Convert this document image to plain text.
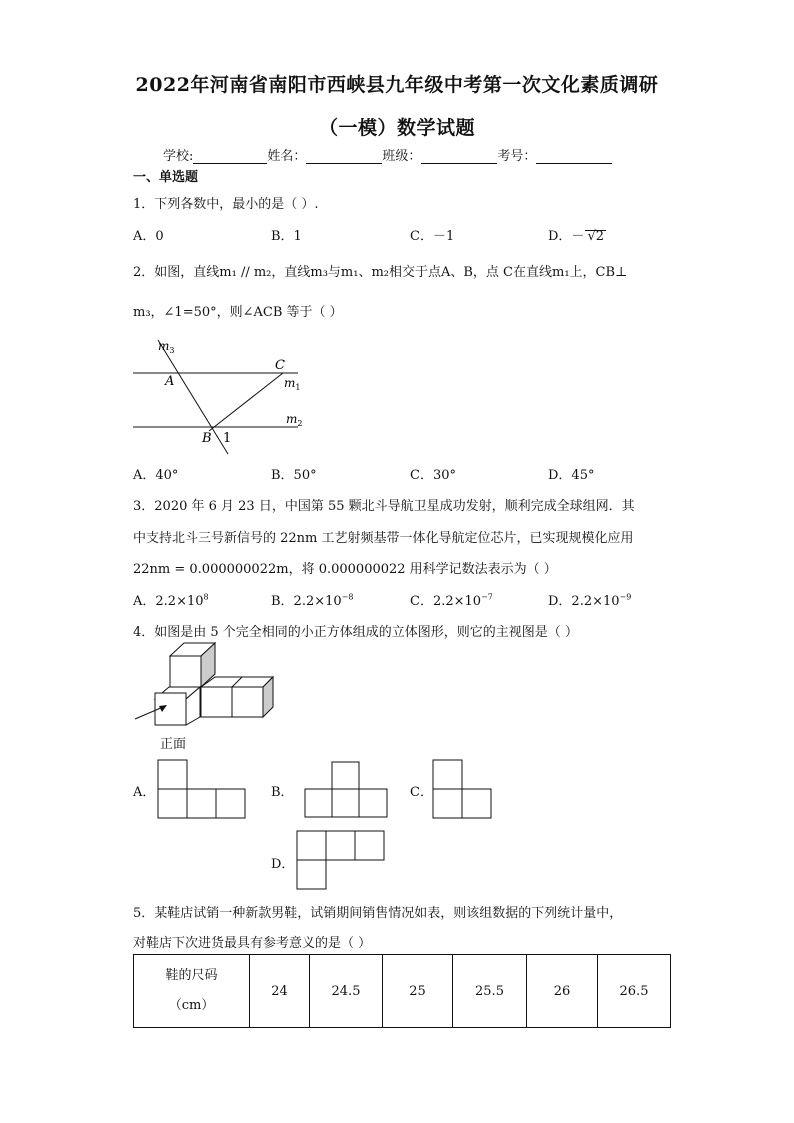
2022年河南省南阳市西峡县九年级中考第一次文化素质调研
（一模）数学试题
学校:	姓名：	班级：	考号：
一、单选题
1．下列各数中，最小的是（ ）.
A．0	B．1	C．－1	D．－ √2
2．如图，直线m₁ // m₂，直线m₃与m₁、m₂相交于点A、B，点 C在直线m₁上，CB⊥
m₃，∠1=50°，则∠ACB 等于（ ）
$m_3$
A
C
$m_1$
$m_2$
B 1
A．40°	B．50°	C．30°	D．45°
3．2020 年 6 月 23 日，中国第 55 颗北斗导航卫星成功发射，顺利完成全球组网．其
中支持北斗三号新信号的 22nm 工艺射频基带一体化导航定位芯片，已实现规模化应用
22nm = 0.000000022m，将 0.000000022 用科学记数法表示为（ ）
A．$2.2\times 10^8$	B．$2.2\times 10^{-8}$	C．$2.2\times 10^{-7}$	D．$2.2\times 10^{-9}$
4．如图是由 5 个完全相同的小正方体组成的立体图形，则它的主视图是（ ）
正面
A．	B．	C．
D．
5．某鞋店试销一种新款男鞋，试销期间销售情况如表，则该组数据的下列统计量中，
对鞋店下次进货最具有参考意义的是（ ）
鞋的尺码
（cm）
	24	24.5	25	25.5	26	26.5
